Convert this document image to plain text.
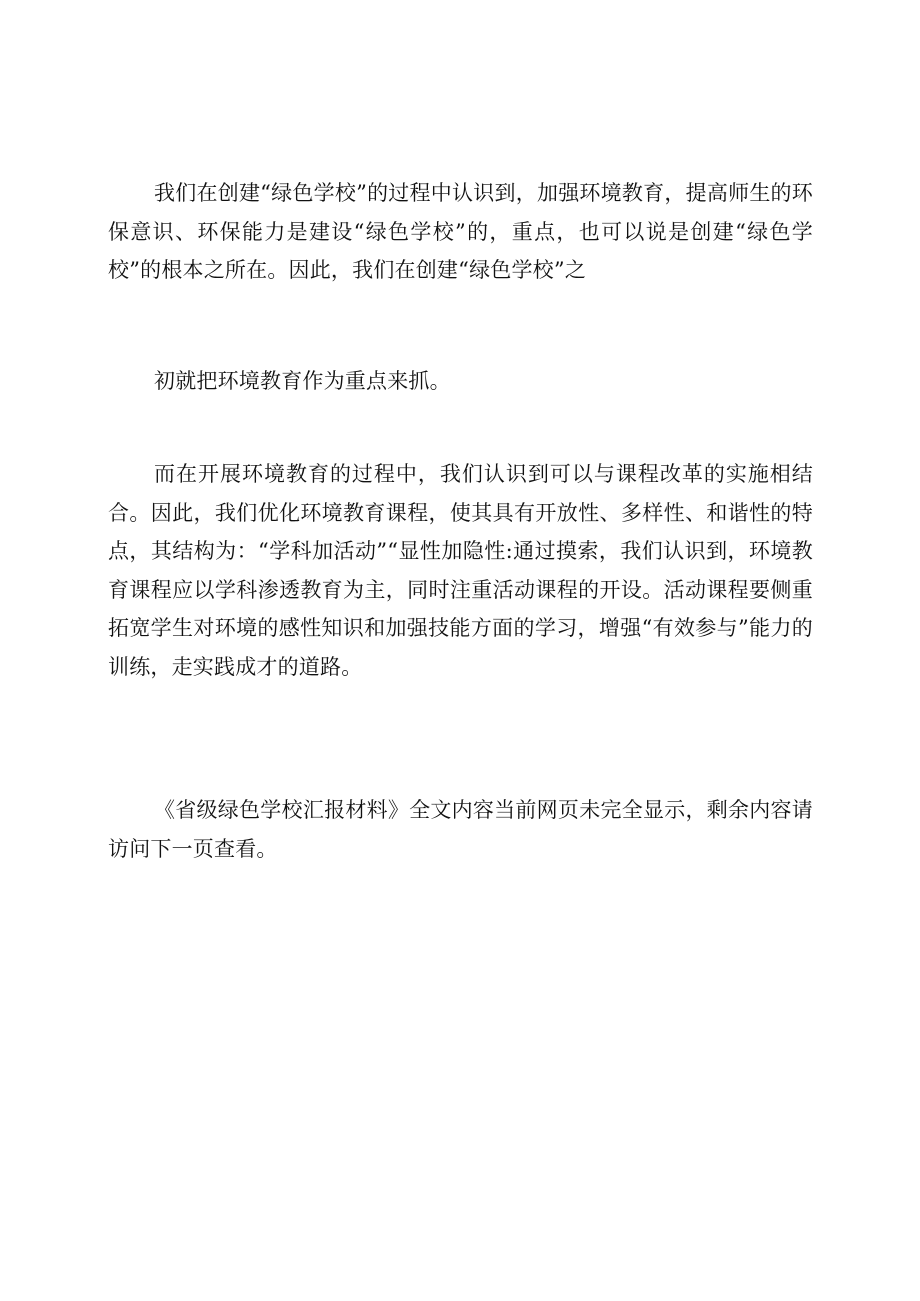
我们在创建“绿色学校”的过程中认识到，加强环境教育，提高师生的环保意识、环保能力是建设“绿色学校”的，重点，也可以说是创建“绿色学校”的根本之所在。因此，我们在创建“绿色学校”之

初就把环境教育作为重点来抓。

而在开展环境教育的过程中，我们认识到可以与课程改革的实施相结合。因此，我们优化环境教育课程，使其具有开放性、多样性、和谐性的特点，其结构为：“学科加活动”“显性加隐性:通过摸索，我们认识到，环境教育课程应以学科渗透教育为主，同时注重活动课程的开设。活动课程要侧重拓宽学生对环境的感性知识和加强技能方面的学习，增强“有效参与”能力的训练，走实践成才的道路。

《省级绿色学校汇报材料》全文内容当前网页未完全显示，剩余内容请访问下一页查看。
